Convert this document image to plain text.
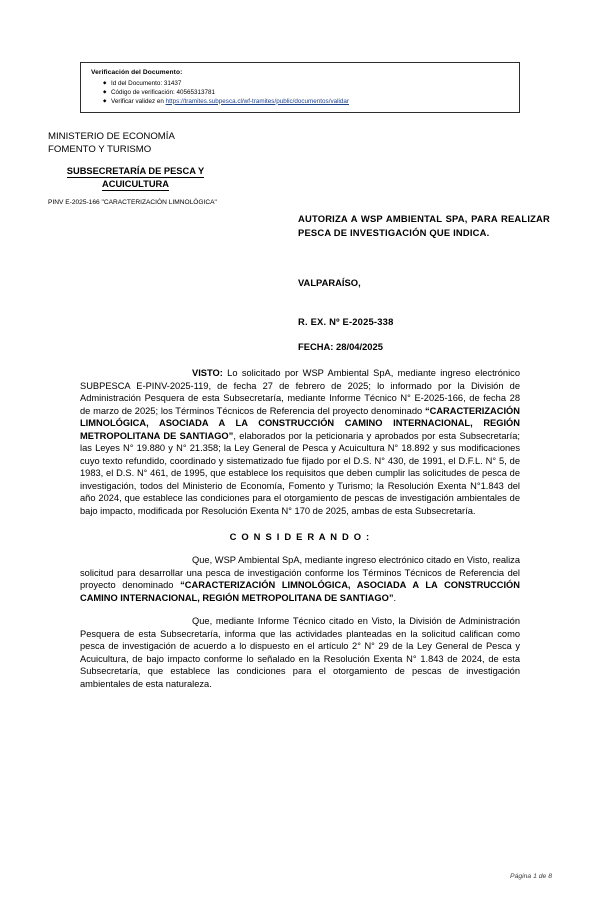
Verificación del Documento:
◆ Id del Documento: 31437
◆ Código de verificación: 40565313781
◆ Verificar validez en https://tramites.subpesca.cl/wf-tramites/public/documentos/validar
MINISTERIO DE ECONOMÍA
FOMENTO Y TURISMO
SUBSECRETARÍA DE PESCA Y
ACUICULTURA
PINV E-2025-166 "CARACTERIZACIÓN LIMNOLÓGICA"
AUTORIZA A WSP AMBIENTAL SPA, PARA REALIZAR PESCA DE INVESTIGACIÓN QUE INDICA.
VALPARAÍSO,
R. EX. Nº E-2025-338
FECHA: 28/04/2025

VISTO: Lo solicitado por WSP Ambiental SpA, mediante ingreso electrónico SUBPESCA E-PINV-2025-119, de fecha 27 de febrero de 2025; lo informado por la División de Administración Pesquera de esta Subsecretaría, mediante Informe Técnico N° E-2025-166, de fecha 28 de marzo de 2025; los Términos Técnicos de Referencia del proyecto denominado “CARACTERIZACIÓN LIMNOLÓGICA, ASOCIADA A LA CONSTRUCCIÓN CAMINO INTERNACIONAL, REGIÓN METROPOLITANA DE SANTIAGO”, elaborados por la peticionaria y aprobados por esta Subsecretaría; las Leyes N° 19.880 y N° 21.358; la Ley General de Pesca y Acuicultura N° 18.892 y sus modificaciones cuyo texto refundido, coordinado y sistematizado fue fijado por el D.S. N° 430, de 1991, el D.F.L. N° 5, de 1983, el D.S. N° 461, de 1995, que establece los requisitos que deben cumplir las solicitudes de pesca de investigación, todos del Ministerio de Economía, Fomento y Turismo; la Resolución Exenta N°1.843 del año 2024, que establece las condiciones para el otorgamiento de pescas de investigación ambientales de bajo impacto, modificada por Resolución Exenta N° 170 de 2025, ambas de esta Subsecretaría.

C O N S I D E R A N D O :

Que, WSP Ambiental SpA, mediante ingreso electrónico citado en Visto, realiza solicitud para desarrollar una pesca de investigación conforme los Términos Técnicos de Referencia del proyecto denominado “CARACTERIZACIÓN LIMNOLÓGICA, ASOCIADA A LA CONSTRUCCIÓN CAMINO INTERNACIONAL, REGIÓN METROPOLITANA DE SANTIAGO”.

Que, mediante Informe Técnico citado en Visto, la División de Administración Pesquera de esta Subsecretaría, informa que las actividades planteadas en la solicitud califican como pesca de investigación de acuerdo a lo dispuesto en el artículo 2° N° 29 de la Ley General de Pesca y Acuicultura, de bajo impacto conforme lo señalado en la Resolución Exenta N° 1.843 de 2024, de esta Subsecretaría, que establece las condiciones para el otorgamiento de pescas de investigación ambientales de esta naturaleza.

Página 1 de 8
